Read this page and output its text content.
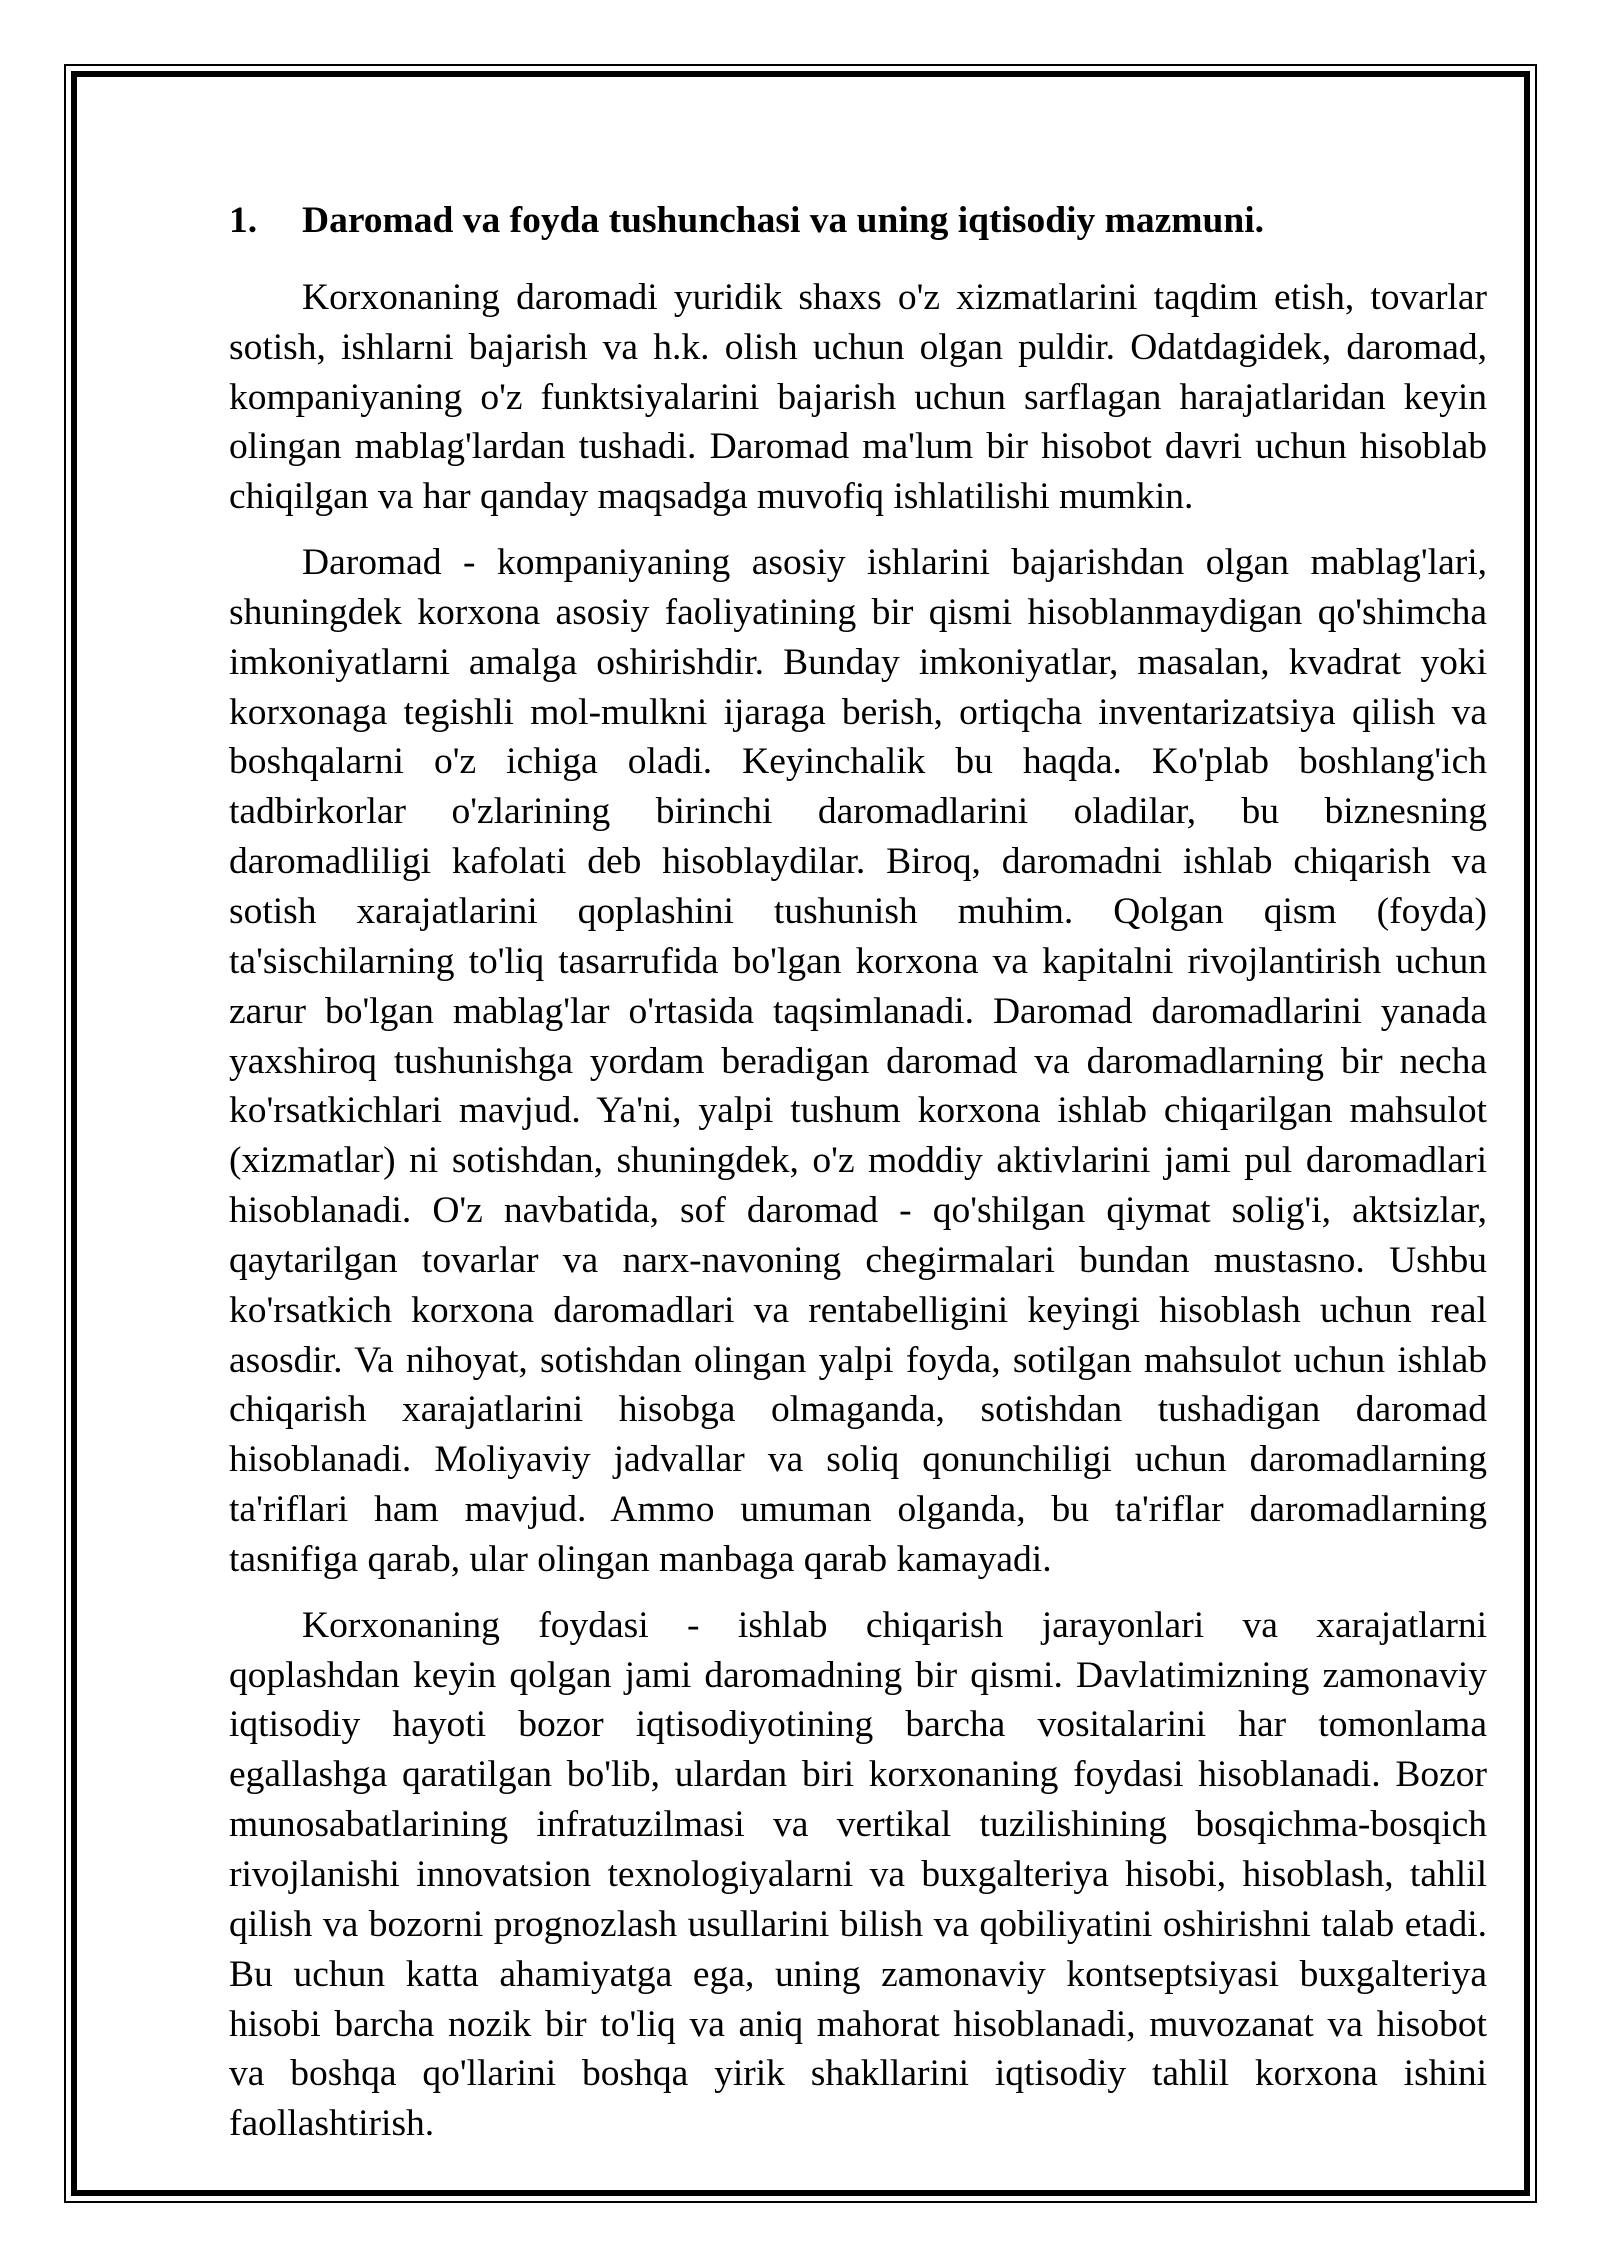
1. Daromad va foyda tushunchasi va uning iqtisodiy mazmuni.
Korxonaning daromadi yuridik shaxs o'z xizmatlarini taqdim etish, tovarlar
sotish, ishlarni bajarish va h.k. olish uchun olgan puldir. Odatdagidek, daromad,
kompaniyaning o'z funktsiyalarini bajarish uchun sarflagan harajatlaridan keyin
olingan mablag'lardan tushadi. Daromad ma'lum bir hisobot davri uchun hisoblab
chiqilgan va har qanday maqsadga muvofiq ishlatilishi mumkin.
Daromad - kompaniyaning asosiy ishlarini bajarishdan olgan mablag'lari,
shuningdek korxona asosiy faoliyatining bir qismi hisoblanmaydigan qo'shimcha
imkoniyatlarni amalga oshirishdir. Bunday imkoniyatlar, masalan, kvadrat yoki
korxonaga tegishli mol-mulkni ijaraga berish, ortiqcha inventarizatsiya qilish va
boshqalarni o'z ichiga oladi. Keyinchalik bu haqda. Ko'plab boshlang'ich
tadbirkorlar o'zlarining birinchi daromadlarini oladilar, bu biznesning
daromadliligi kafolati deb hisoblaydilar. Biroq, daromadni ishlab chiqarish va
sotish xarajatlarini qoplashini tushunish muhim. Qolgan qism (foyda)
ta'sischilarning to'liq tasarrufida bo'lgan korxona va kapitalni rivojlantirish uchun
zarur bo'lgan mablag'lar o'rtasida taqsimlanadi. Daromad daromadlarini yanada
yaxshiroq tushunishga yordam beradigan daromad va daromadlarning bir necha
ko'rsatkichlari mavjud. Ya'ni, yalpi tushum korxona ishlab chiqarilgan mahsulot
(xizmatlar) ni sotishdan, shuningdek, o'z moddiy aktivlarini jami pul daromadlari
hisoblanadi. O'z navbatida, sof daromad - qo'shilgan qiymat solig'i, aktsizlar,
qaytarilgan tovarlar va narx-navoning chegirmalari bundan mustasno. Ushbu
ko'rsatkich korxona daromadlari va rentabelligini keyingi hisoblash uchun real
asosdir. Va nihoyat, sotishdan olingan yalpi foyda, sotilgan mahsulot uchun ishlab
chiqarish xarajatlarini hisobga olmaganda, sotishdan tushadigan daromad
hisoblanadi. Moliyaviy jadvallar va soliq qonunchiligi uchun daromadlarning
ta'riflari ham mavjud. Ammo umuman olganda, bu ta'riflar daromadlarning
tasnifiga qarab, ular olingan manbaga qarab kamayadi.
Korxonaning foydasi - ishlab chiqarish jarayonlari va xarajatlarni
qoplashdan keyin qolgan jami daromadning bir qismi. Davlatimizning zamonaviy
iqtisodiy hayoti bozor iqtisodiyotining barcha vositalarini har tomonlama
egallashga qaratilgan bo'lib, ulardan biri korxonaning foydasi hisoblanadi. Bozor
munosabatlarining infratuzilmasi va vertikal tuzilishining bosqichma-bosqich
rivojlanishi innovatsion texnologiyalarni va buxgalteriya hisobi, hisoblash, tahlil
qilish va bozorni prognozlash usullarini bilish va qobiliyatini oshirishni talab etadi.
Bu uchun katta ahamiyatga ega, uning zamonaviy kontseptsiyasi buxgalteriya
hisobi barcha nozik bir to'liq va aniq mahorat hisoblanadi, muvozanat va hisobot
va boshqa qo'llarini boshqa yirik shakllarini iqtisodiy tahlil korxona ishini
faollashtirish.
